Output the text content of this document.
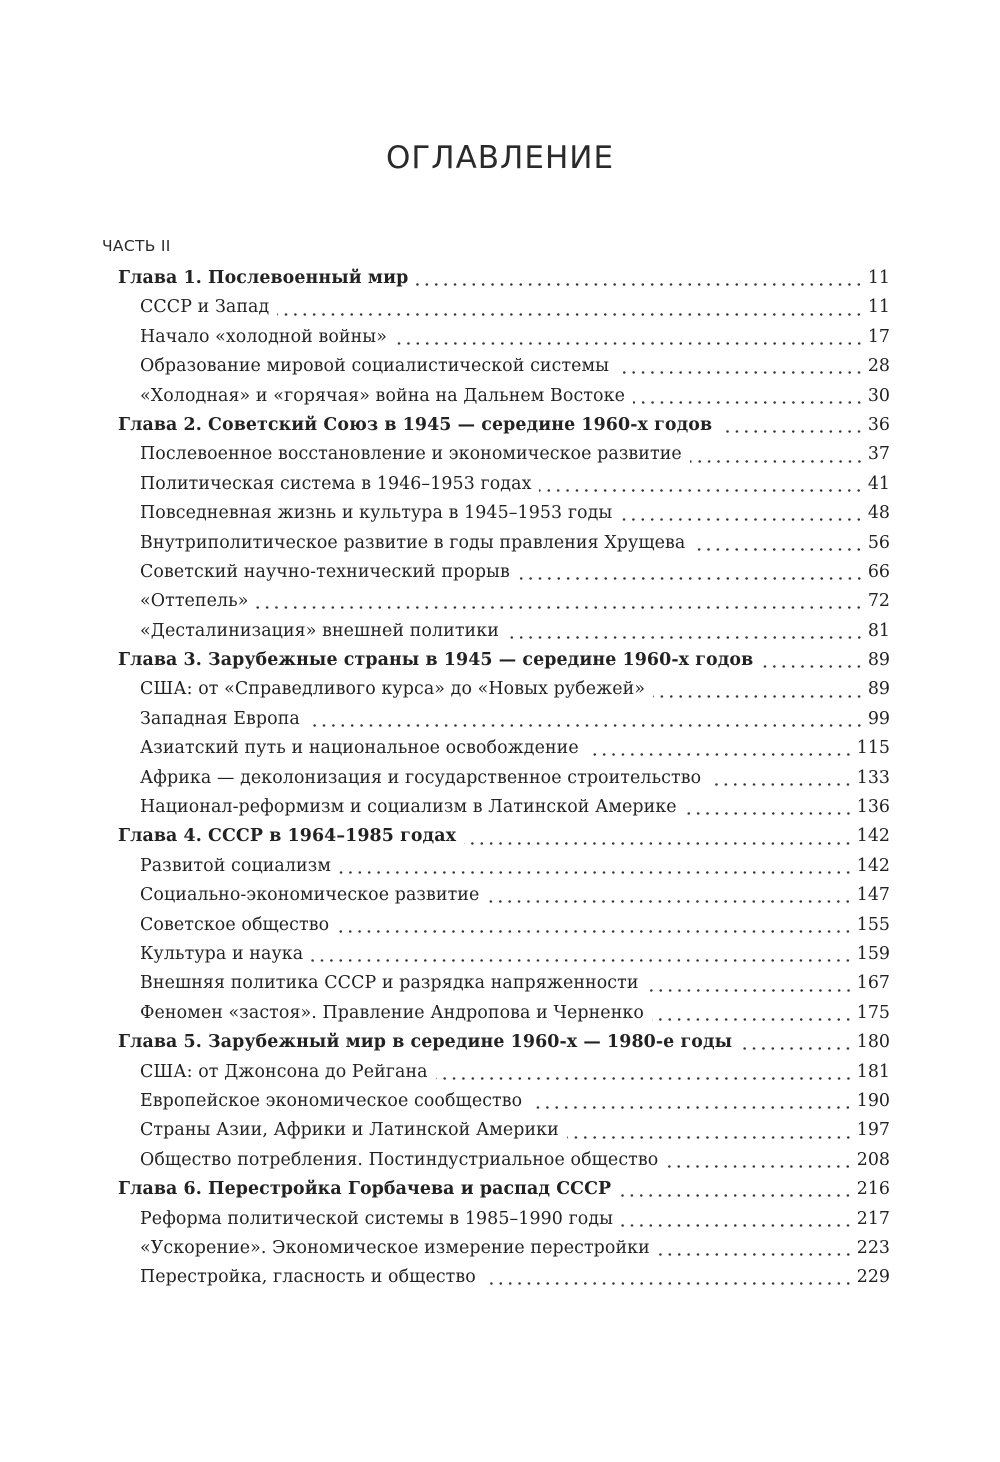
ОГЛАВЛЕНИЕ
ЧАСТЬ II
Глава 1. Послевоенный мир	11
СССР и Запад	11
Начало «холодной войны»	17
Образование мировой социалистической системы	28
«Холодная» и «горячая» война на Дальнем Востоке	30
Глава 2. Советский Союз в 1945 — середине 1960-х годов	36
Послевоенное восстановление и экономическое развитие	37
Политическая система в 1946–1953 годах	41
Повседневная жизнь и культура в 1945–1953 годы	48
Внутриполитическое развитие в годы правления Хрущева	56
Советский научно-технический прорыв	66
«Оттепель»	72
«Десталинизация» внешней политики	81
Глава 3. Зарубежные страны в 1945 — середине 1960-х годов	89
США: от «Справедливого курса» до «Новых рубежей»	89
Западная Европа	99
Азиатский путь и национальное освобождение	115
Африка — деколонизация и государственное строительство	133
Национал-реформизм и социализм в Латинской Америке	136
Глава 4. СССР в 1964–1985 годах	142
Развитой социализм	142
Социально-экономическое развитие	147
Советское общество	155
Культура и наука	159
Внешняя политика СССР и разрядка напряженности	167
Феномен «застоя». Правление Андропова и Черненко	175
Глава 5. Зарубежный мир в середине 1960-х — 1980-е годы	180
США: от Джонсона до Рейгана	181
Европейское экономическое сообщество	190
Страны Азии, Африки и Латинской Америки	197
Общество потребления. Постиндустриальное общество	208
Глава 6. Перестройка Горбачева и распад СССР	216
Реформа политической системы в 1985–1990 годы	217
«Ускорение». Экономическое измерение перестройки	223
Перестройка, гласность и общество	229
